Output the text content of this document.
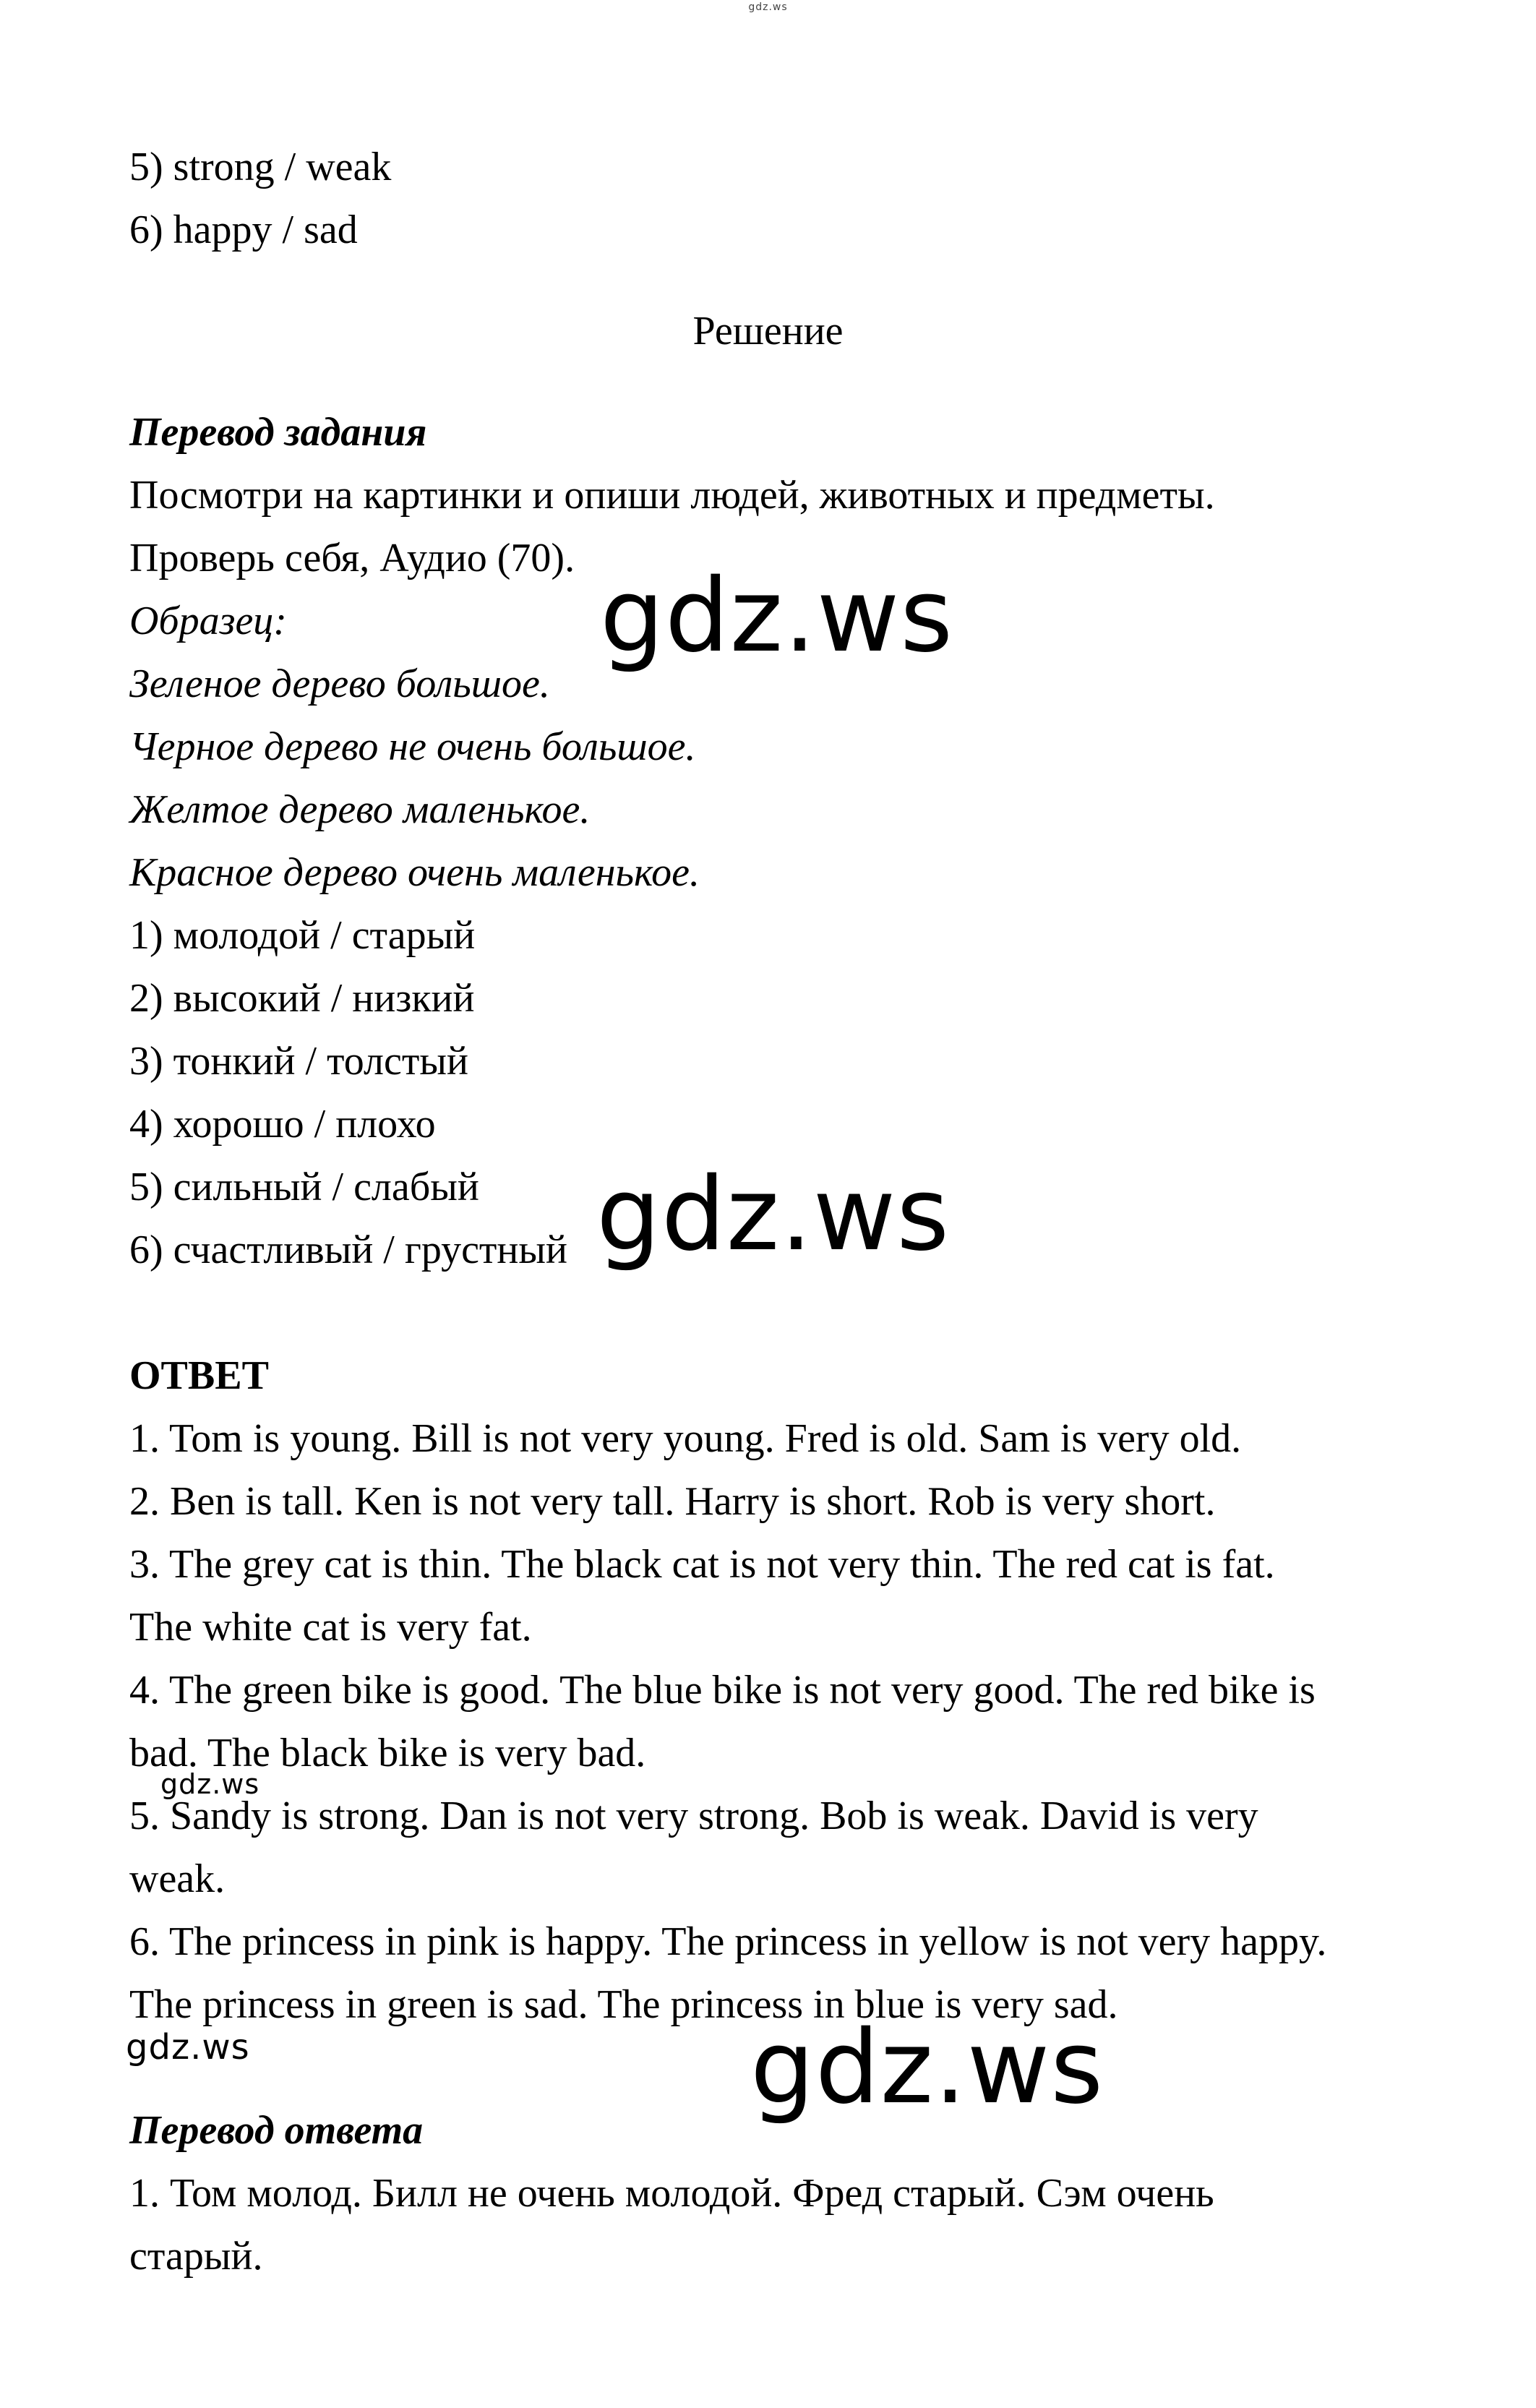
gdz.ws
5) strong / weak
6) happy / sad
Решение
Перевод задания
Посмотри на картинки и опиши людей, животных и предметы.
Проверь себя, Аудио (70).
Образец:
Зеленое дерево большое.
Черное дерево не очень большое.
Желтое дерево маленькое.
Красное дерево очень маленькое.
1) молодой / старый
2) высокий / низкий
3) тонкий / толстый
4) хорошо / плохо
5) сильный / слабый
6) счастливый / грустный
ОТВЕТ
1. Tom is young. Bill is not very young. Fred is old. Sam is very old.
2. Ben is tall. Ken is not very tall. Harry is short. Rob is very short.
3. The grey cat is thin. The black cat is not very thin. The red cat is fat.
The white cat is very fat.
4. The green bike is good. The blue bike is not very good. The red bike is
bad. The black bike is very bad.
5. Sandy is strong. Dan is not very strong. Bob is weak. David is very
weak.
6. The princess in pink is happy. The princess in yellow is not very happy.
The princess in green is sad. The princess in blue is very sad.
Перевод ответа
1. Том молод. Билл не очень молодой. Фред старый. Сэм очень
старый.
gdz.ws
gdz.ws
gdz.ws
gdz.ws	gdz.ws
